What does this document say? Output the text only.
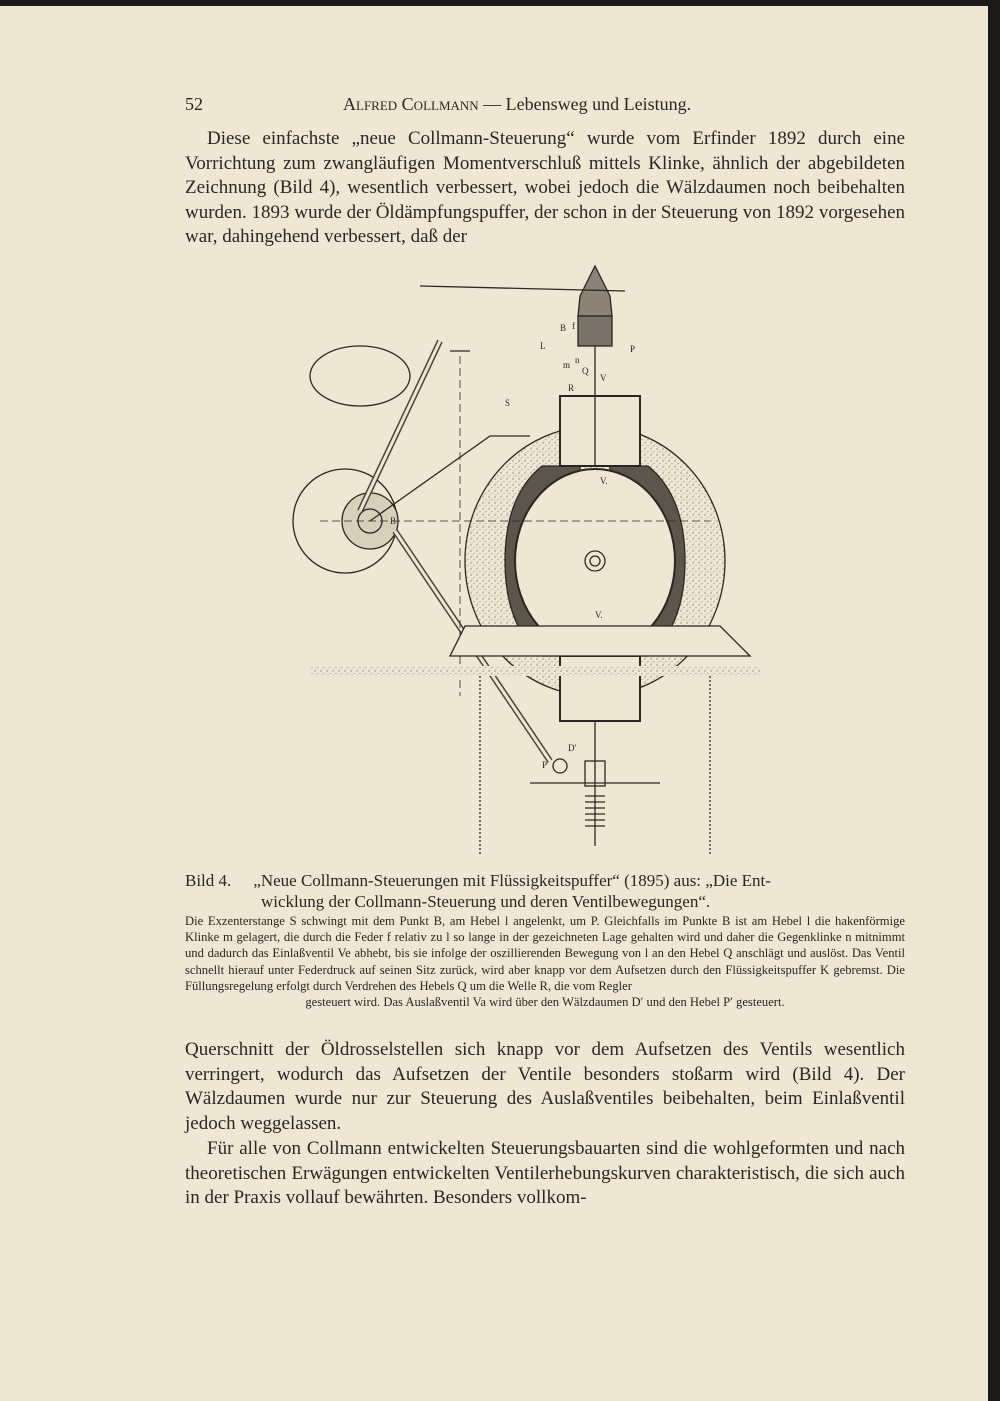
52	Alfred Collmann — Lebensweg und Leistung.

Diese einfachste „neue Collmann-Steuerung“ wurde vom Erfinder 1892 durch eine Vorrichtung zum zwangläufigen Momentverschluß mittels Klinke, ähnlich der abgebildeten Zeichnung (Bild 4), wesentlich verbessert, wobei jedoch die Wälzdaumen noch beibehalten wurden. 1893 wurde der Öldämpfungspuffer, der schon in der Steuerung von 1892 vorgesehen war, dahingehend verbessert, daß der

B f
L	P
m n
Q
V
R
S
V.
V.
B
D'
P'
Bild 4. „Neue Collmann-Steuerungen mit Flüssigkeitspuffer“ (1895) aus: „Die Ent-
wicklung der Collmann-Steuerung und deren Ventilbewegungen“.
Die Exzenterstange S schwingt mit dem Punkt B, am Hebel l angelenkt, um P. Gleichfalls im Punkte B ist am Hebel l die hakenförmige Klinke m gelagert, die durch die Feder f relativ zu l so lange in der gezeichneten Lage gehalten wird und daher die Gegenklinke n mitnimmt und dadurch das Einlaßventil Ve abhebt, bis sie infolge der oszillierenden Bewegung von l an den Hebel Q anschlägt und auslöst. Das Ventil schnellt hierauf unter Federdruck auf seinen Sitz zurück, wird aber knapp vor dem Aufsetzen durch den Flüssigkeitspuffer K gebremst. Die Füllungsregelung erfolgt durch Verdrehen des Hebels Q um die Welle R, die vom Regler
gesteuert wird. Das Auslaßventil Va wird über den Wälzdaumen D′ und den Hebel P′ gesteuert.

Querschnitt der Öldrosselstellen sich knapp vor dem Aufsetzen des Ventils wesentlich verringert, wodurch das Aufsetzen der Ventile besonders stoßarm wird (Bild 4). Der Wälzdaumen wurde nur zur Steuerung des Auslaßventiles beibehalten, beim Einlaßventil jedoch weggelassen.

Für alle von Collmann entwickelten Steuerungsbauarten sind die wohlgeformten und nach theoretischen Erwägungen entwickelten Ventilerhebungskurven charakteristisch, die sich auch in der Praxis vollauf bewährten. Besonders vollkom-
